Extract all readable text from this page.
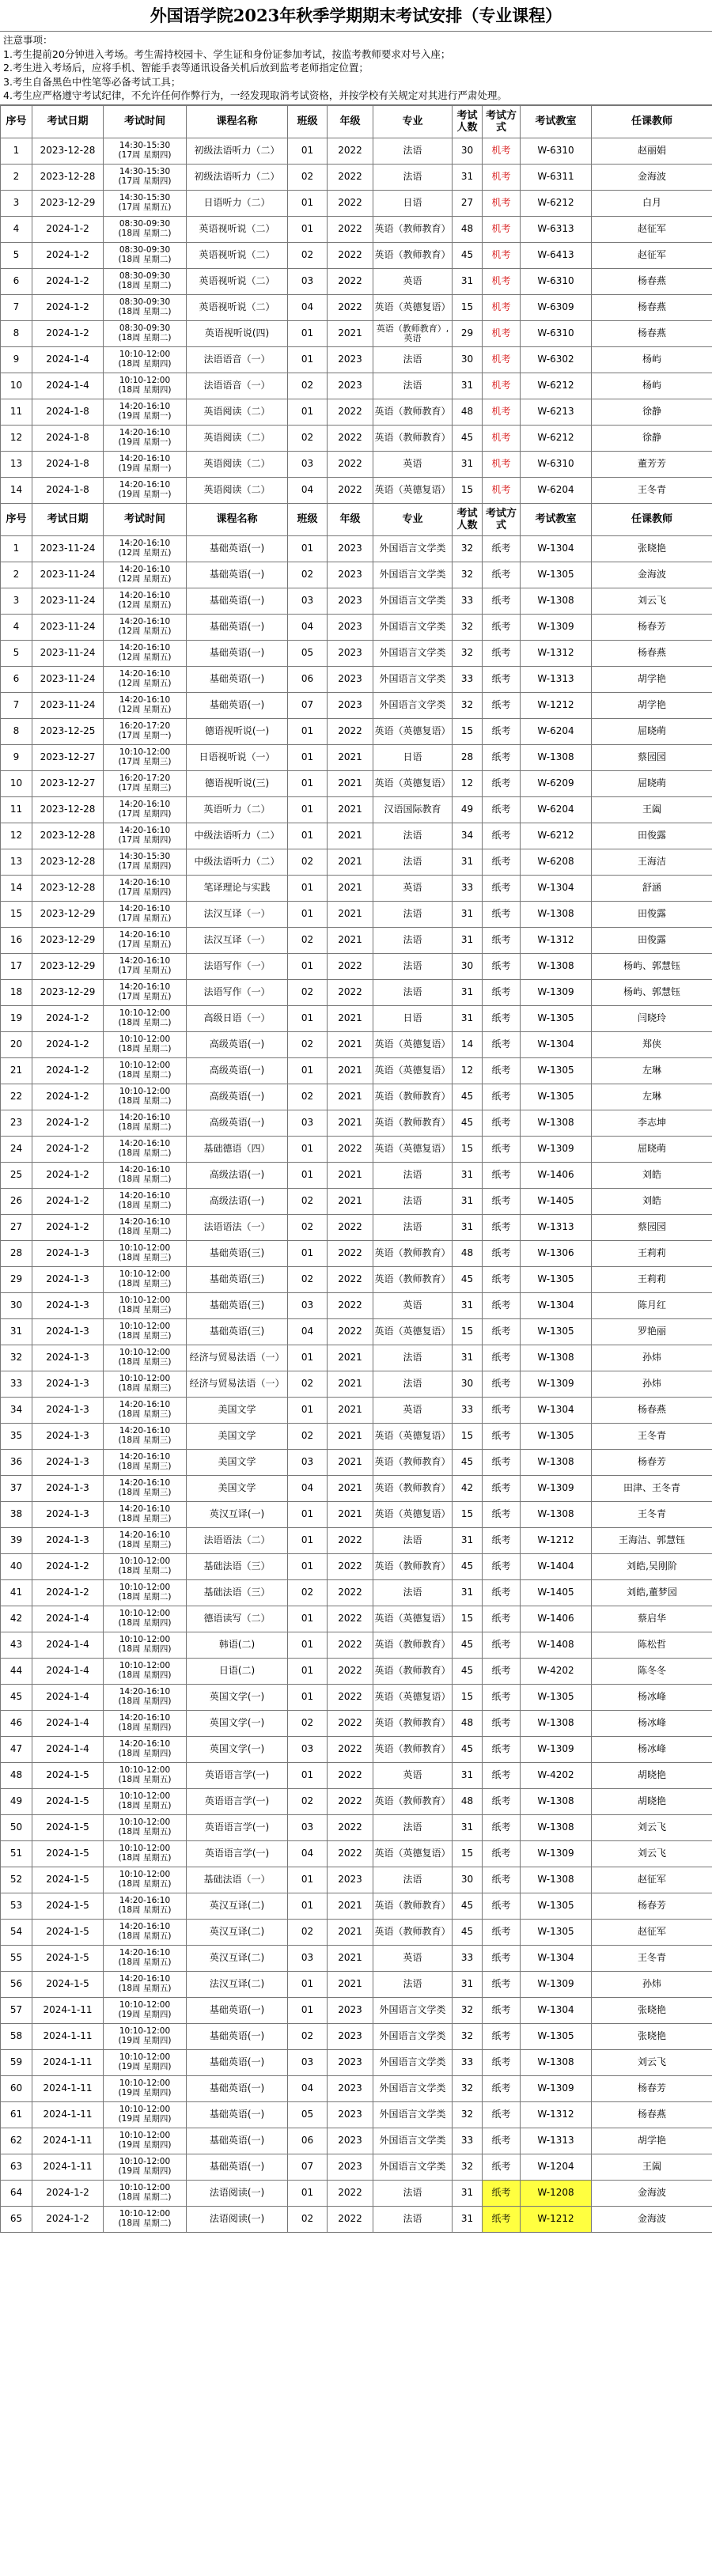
外国语学院2023年秋季学期期末考试安排（专业课程）
注意事项：
1.考生提前20分钟进入考场。考生需持校园卡、学生证和身份证参加考试，按监考教师要求对号入座；
2.考生进入考场后，应将手机、智能手表等通讯设备关机后放到监考老师指定位置；
3.考生自备黑色中性笔等必备考试工具；
4.考生应严格遵守考试纪律，不允许任何作弊行为，一经发现取消考试资格，并按学校有关规定对其进行严肃处理。
序号	考试日期	考试时间	课程名称	班级	年级	专业	考试人数	考试方式	考试教室	任课教师
1	2023-12-28	14:30-15:30
(17周 星期四)	初级法语听力（二）	01	2022	法语	30	机考	W-6310	赵丽娟
2	2023-12-28	14:30-15:30
(17周 星期四)	初级法语听力（二）	02	2022	法语	31	机考	W-6311	金海波
3	2023-12-29	14:30-15:30
(17周 星期五)	日语听力（二）	01	2022	日语	27	机考	W-6212	白月
4	2024-1-2	08:30-09:30
(18周 星期二)	英语视听说（二）	01	2022	英语（教师教育）	48	机考	W-6313	赵征军
5	2024-1-2	08:30-09:30
(18周 星期二)	英语视听说（二）	02	2022	英语（教师教育）	45	机考	W-6413	赵征军
6	2024-1-2	08:30-09:30
(18周 星期二)	英语视听说（二）	03	2022	英语	31	机考	W-6310	杨春燕
7	2024-1-2	08:30-09:30
(18周 星期二)	英语视听说（二）	04	2022	英语（英德复语）	15	机考	W-6309	杨春燕
8	2024-1-2	08:30-09:30
(18周 星期二)	英语视听说(四)	01	2021	英语（教师教育）,英语	29	机考	W-6310	杨春燕
9	2024-1-4	10:10-12:00
(18周 星期四)	法语语音（一）	01	2023	法语	30	机考	W-6302	杨屿
10	2024-1-4	10:10-12:00
(18周 星期四)	法语语音（一）	02	2023	法语	31	机考	W-6212	杨屿
11	2024-1-8	14:20-16:10
(19周 星期一)	英语阅读（二）	01	2022	英语（教师教育）	48	机考	W-6213	徐静
12	2024-1-8	14:20-16:10
(19周 星期一)	英语阅读（二）	02	2022	英语（教师教育）	45	机考	W-6212	徐静
13	2024-1-8	14:20-16:10
(19周 星期一)	英语阅读（二）	03	2022	英语	31	机考	W-6310	董芳芳
14	2024-1-8	14:20-16:10
(19周 星期一)	英语阅读（二）	04	2022	英语（英德复语）	15	机考	W-6204	王冬青
序号	考试日期	考试时间	课程名称	班级	年级	专业	考试人数	考试方式	考试教室	任课教师
1	2023-11-24	14:20-16:10
(12周 星期五)	基础英语(一)	01	2023	外国语言文学类	32	纸考	W-1304	张晓艳
2	2023-11-24	14:20-16:10
(12周 星期五)	基础英语(一)	02	2023	外国语言文学类	32	纸考	W-1305	金海波
3	2023-11-24	14:20-16:10
(12周 星期五)	基础英语(一)	03	2023	外国语言文学类	33	纸考	W-1308	刘云飞
4	2023-11-24	14:20-16:10
(12周 星期五)	基础英语(一)	04	2023	外国语言文学类	32	纸考	W-1309	杨春芳
5	2023-11-24	14:20-16:10
(12周 星期五)	基础英语(一)	05	2023	外国语言文学类	32	纸考	W-1312	杨春燕
6	2023-11-24	14:20-16:10
(12周 星期五)	基础英语(一)	06	2023	外国语言文学类	33	纸考	W-1313	胡学艳
7	2023-11-24	14:20-16:10
(12周 星期五)	基础英语(一)	07	2023	外国语言文学类	32	纸考	W-1212	胡学艳
8	2023-12-25	16:20-17:20
(17周 星期一)	德语视听说(一)	01	2022	英语（英德复语）	15	纸考	W-6204	屈晓萌
9	2023-12-27	10:10-12:00
(17周 星期三)	日语视听说（一）	01	2021	日语	28	纸考	W-1308	蔡园园
10	2023-12-27	16:20-17:20
(17周 星期三)	德语视听说(三)	01	2021	英语（英德复语）	12	纸考	W-6209	屈晓萌
11	2023-12-28	14:20-16:10
(17周 星期四)	英语听力（二）	01	2021	汉语国际教育	49	纸考	W-6204	王阖
12	2023-12-28	14:20-16:10
(17周 星期四)	中级法语听力（二）	01	2021	法语	34	纸考	W-6212	田俊露
13	2023-12-28	14:30-15:30
(17周 星期四)	中级法语听力（二）	02	2021	法语	31	纸考	W-6208	王海洁
14	2023-12-28	14:20-16:10
(17周 星期四)	笔译理论与实践	01	2021	英语	33	纸考	W-1304	舒涵
15	2023-12-29	14:20-16:10
(17周 星期五)	法汉互译（一）	01	2021	法语	31	纸考	W-1308	田俊露
16	2023-12-29	14:20-16:10
(17周 星期五)	法汉互译（一）	02	2021	法语	31	纸考	W-1312	田俊露
17	2023-12-29	14:20-16:10
(17周 星期五)	法语写作（一）	01	2022	法语	30	纸考	W-1308	杨屿、郭慧钰
18	2023-12-29	14:20-16:10
(17周 星期五)	法语写作（一）	02	2022	法语	31	纸考	W-1309	杨屿、郭慧钰
19	2024-1-2	10:10-12:00
(18周 星期二)	高级日语（一）	01	2021	日语	31	纸考	W-1305	闫晓玲
20	2024-1-2	10:10-12:00
(18周 星期二)	高级英语(一)	02	2021	英语（英德复语）	14	纸考	W-1304	郑侠
21	2024-1-2	10:10-12:00
(18周 星期二)	高级英语(一)	01	2021	英语（英德复语）	12	纸考	W-1305	左琳
22	2024-1-2	10:10-12:00
(18周 星期二)	高级英语(一)	02	2021	英语（教师教育）	45	纸考	W-1305	左琳
23	2024-1-2	14:20-16:10
(18周 星期二)	高级英语(一)	03	2021	英语（教师教育）	45	纸考	W-1308	李志坤
24	2024-1-2	14:20-16:10
(18周 星期二)	基础德语（四）	01	2022	英语（英德复语）	15	纸考	W-1309	屈晓萌
25	2024-1-2	14:20-16:10
(18周 星期二)	高级法语(一)	01	2021	法语	31	纸考	W-1406	刘皓
26	2024-1-2	14:20-16:10
(18周 星期二)	高级法语(一)	02	2021	法语	31	纸考	W-1405	刘皓
27	2024-1-2	14:20-16:10
(18周 星期二)	法语语法（一）	02	2022	法语	31	纸考	W-1313	蔡园园
28	2024-1-3	10:10-12:00
(18周 星期三)	基础英语(三)	01	2022	英语（教师教育）	48	纸考	W-1306	王莉莉
29	2024-1-3	10:10-12:00
(18周 星期三)	基础英语(三)	02	2022	英语（教师教育）	45	纸考	W-1305	王莉莉
30	2024-1-3	10:10-12:00
(18周 星期三)	基础英语(三)	03	2022	英语	31	纸考	W-1304	陈月红
31	2024-1-3	10:10-12:00
(18周 星期三)	基础英语(三)	04	2022	英语（英德复语）	15	纸考	W-1305	罗艳丽
32	2024-1-3	10:10-12:00
(18周 星期三)	经济与贸易法语（一）	01	2021	法语	31	纸考	W-1308	孙炜
33	2024-1-3	10:10-12:00
(18周 星期三)	经济与贸易法语（一）	02	2021	法语	30	纸考	W-1309	孙炜
34	2024-1-3	14:20-16:10
(18周 星期三)	美国文学	01	2021	英语	33	纸考	W-1304	杨春燕
35	2024-1-3	14:20-16:10
(18周 星期三)	美国文学	02	2021	英语（英德复语）	15	纸考	W-1305	王冬青
36	2024-1-3	14:20-16:10
(18周 星期三)	美国文学	03	2021	英语（教师教育）	45	纸考	W-1308	杨春芳
37	2024-1-3	14:20-16:10
(18周 星期三)	美国文学	04	2021	英语（教师教育）	42	纸考	W-1309	田津、王冬青
38	2024-1-3	14:20-16:10
(18周 星期三)	英汉互译(一)	01	2021	英语（英德复语）	15	纸考	W-1308	王冬青
39	2024-1-3	14:20-16:10
(18周 星期三)	法语语法（二）	01	2022	法语	31	纸考	W-1212	王海洁、郭慧钰
40	2024-1-2	10:10-12:00
(18周 星期二)	基础法语（三）	01	2022	英语（教师教育）	45	纸考	W-1404	刘皓,吴刚阶
41	2024-1-2	10:10-12:00
(18周 星期二)	基础法语（三）	02	2022	法语	31	纸考	W-1405	刘皓,董梦园
42	2024-1-4	10:10-12:00
(18周 星期四)	德语读写（二）	01	2022	英语（英德复语）	15	纸考	W-1406	蔡启华
43	2024-1-4	10:10-12:00
(18周 星期四)	韩语(二)	01	2022	英语（教师教育）	45	纸考	W-1408	陈松哲
44	2024-1-4	10:10-12:00
(18周 星期四)	日语(二)	01	2022	英语（教师教育）	45	纸考	W-4202	陈冬冬
45	2024-1-4	14:20-16:10
(18周 星期四)	英国文学(一)	01	2022	英语（英德复语）	15	纸考	W-1305	杨冰峰
46	2024-1-4	14:20-16:10
(18周 星期四)	英国文学(一)	02	2022	英语（教师教育）	48	纸考	W-1308	杨冰峰
47	2024-1-4	14:20-16:10
(18周 星期四)	英国文学(一)	03	2022	英语（教师教育）	45	纸考	W-1309	杨冰峰
48	2024-1-5	10:10-12:00
(18周 星期五)	英语语言学(一)	01	2022	英语	31	纸考	W-4202	胡晓艳
49	2024-1-5	10:10-12:00
(18周 星期五)	英语语言学(一)	02	2022	英语（教师教育）	48	纸考	W-1308	胡晓艳
50	2024-1-5	10:10-12:00
(18周 星期五)	英语语言学(一)	03	2022	法语	31	纸考	W-1308	刘云飞
51	2024-1-5	10:10-12:00
(18周 星期五)	英语语言学(一)	04	2022	英语（英德复语）	15	纸考	W-1309	刘云飞
52	2024-1-5	10:10-12:00
(18周 星期五)	基础法语（一）	01	2023	法语	30	纸考	W-1308	赵征军
53	2024-1-5	14:20-16:10
(18周 星期五)	英汉互译(二)	01	2021	英语（教师教育）	45	纸考	W-1305	杨春芳
54	2024-1-5	14:20-16:10
(18周 星期五)	英汉互译(二)	02	2021	英语（教师教育）	45	纸考	W-1305	赵征军
55	2024-1-5	14:20-16:10
(18周 星期五)	英汉互译(二)	03	2021	英语	33	纸考	W-1304	王冬青
56	2024-1-5	14:20-16:10
(18周 星期五)	法汉互译(二)	01	2021	法语	31	纸考	W-1309	孙炜
57	2024-1-11	10:10-12:00
(19周 星期四)	基础英语(一)	01	2023	外国语言文学类	32	纸考	W-1304	张晓艳
58	2024-1-11	10:10-12:00
(19周 星期四)	基础英语(一)	02	2023	外国语言文学类	32	纸考	W-1305	张晓艳
59	2024-1-11	10:10-12:00
(19周 星期四)	基础英语(一)	03	2023	外国语言文学类	33	纸考	W-1308	刘云飞
60	2024-1-11	10:10-12:00
(19周 星期四)	基础英语(一)	04	2023	外国语言文学类	32	纸考	W-1309	杨春芳
61	2024-1-11	10:10-12:00
(19周 星期四)	基础英语(一)	05	2023	外国语言文学类	32	纸考	W-1312	杨春燕
62	2024-1-11	10:10-12:00
(19周 星期四)	基础英语(一)	06	2023	外国语言文学类	33	纸考	W-1313	胡学艳
63	2024-1-11	10:10-12:00
(19周 星期四)	基础英语(一)	07	2023	外国语言文学类	32	纸考	W-1204	王阖
64	2024-1-2	10:10-12:00
(18周 星期二)	法语阅读(一)	01	2022	法语	31	纸考	W-1208	金海波
65	2024-1-2	10:10-12:00
(18周 星期二)	法语阅读(一)	02	2022	法语	31	纸考	W-1212	金海波
